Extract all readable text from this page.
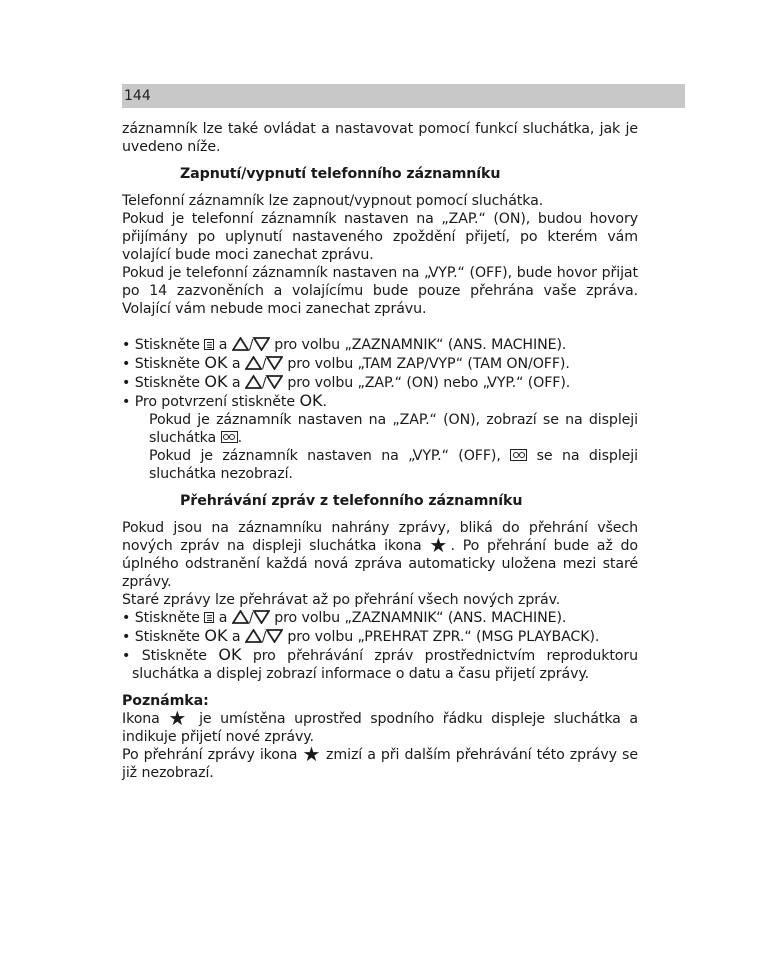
144

záznamník lze také ovládat a nastavovat pomocí funkcí sluchátka, jak je uvedeno níže.

Zapnutí/vypnutí telefonního záznamníku

Telefonní záznamník lze zapnout/vypnout pomocí sluchátka.

Pokud je telefonní záznamník nastaven na „ZAP.“ (ON), budou hovory přijímány po uplynutí nastaveného zpoždění přijetí, po kterém vám volající bude moci zanechat zprávu.

Pokud je telefonní záznamník nastaven na „VYP.“ (OFF), bude hovor přijat po 14 zazvoněních a volajícímu bude pouze přehrána vaše zpráva. Volající vám nebude moci zanechat zprávu.

• Stiskněte a / pro volbu „ZAZNAMNIK“ (ANS. MACHINE).

• Stiskněte OK a / pro volbu „TAM ZAP/VYP“ (TAM ON/OFF).

• Stiskněte OK a / pro volbu „ZAP.“ (ON) nebo „VYP.“ (OFF).

• Pro potvrzení stiskněte OK.

Pokud je záznamník nastaven na „ZAP.“ (ON), zobrazí se na displeji sluchátka .

Pokud je záznamník nastaven na „VYP.“ (OFF),	se na displeji sluchátka nezobrazí.

Přehrávání zpráv z telefonního záznamníku

Pokud jsou na záznamníku nahrány zprávy, bliká do přehrání všech nových zpráv na displeji sluchátka ikona ★. Po přehrání bude až do úplného odstranění každá nová zpráva automaticky uložena mezi staré zprávy.

Staré zprávy lze přehrávat až po přehrání všech nových zpráv.

• Stiskněte a / pro volbu „ZAZNAMNIK“ (ANS. MACHINE).

• Stiskněte OK a / pro volbu „PREHRAT ZPR.“ (MSG PLAYBACK).

• Stiskněte OK pro přehrávání zpráv prostřednictvím reproduktoru sluchátka a displej zobrazí informace o datu a času přijetí zprávy.

Poznámka:

Ikona ★ je umístěna uprostřed spodního řádku displeje sluchátka a indikuje přijetí nové zprávy.

Po přehrání zprávy ikona ★ zmizí a při dalším přehrávání této zprávy se již nezobrazí.
